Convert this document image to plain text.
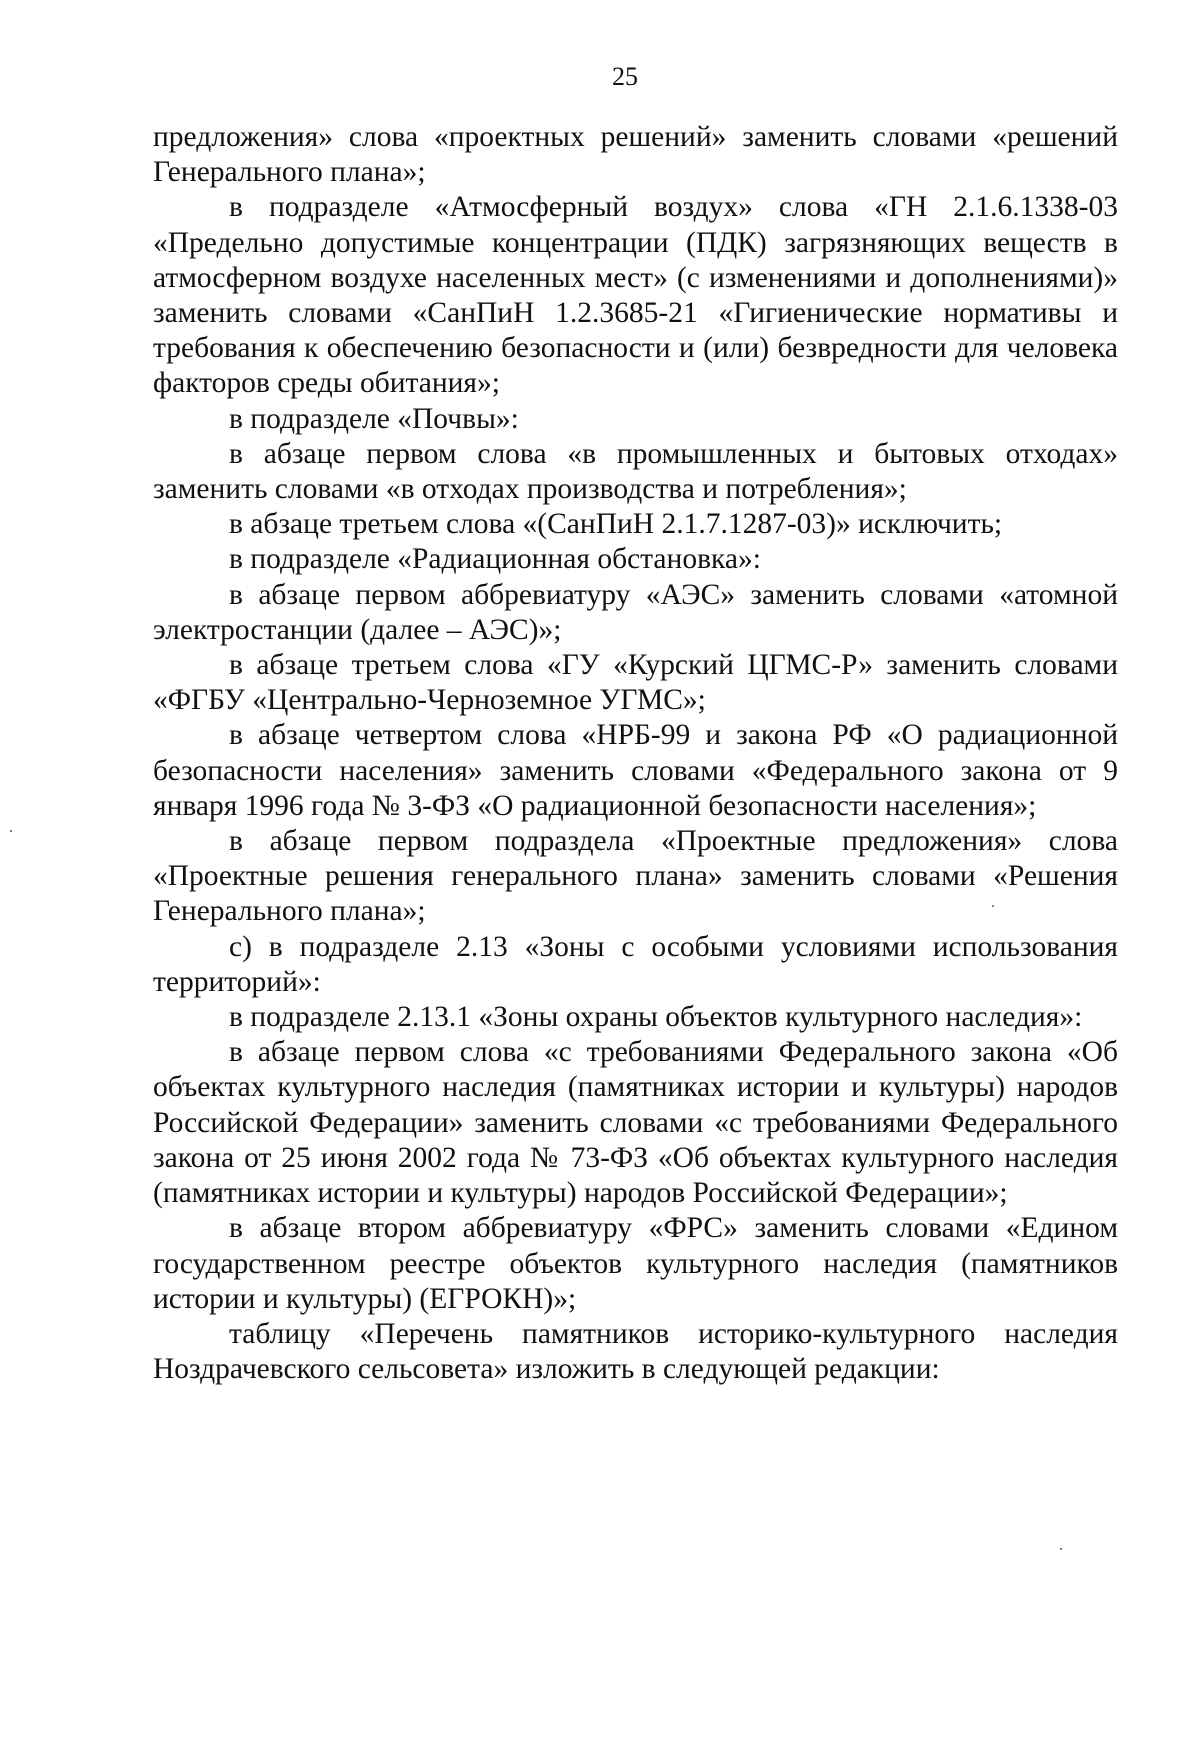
25

предложения» слова «проектных решений» заменить словами «решений Генерального плана»;

в подразделе «Атмосферный воздух» слова «ГН 2.1.6.1338-03 «Предельно допустимые концентрации (ПДК) загрязняющих веществ в атмосферном воздухе населенных мест» (с изменениями и дополнениями)» заменить словами «СанПиН 1.2.3685-21 «Гигиенические нормативы и требования к обеспечению безопасности и (или) безвредности для человека факторов среды обитания»;

в подразделе «Почвы»:

в абзаце первом слова «в промышленных и бытовых отходах» заменить словами «в отходах производства и потребления»;

в абзаце третьем слова «(СанПиН 2.1.7.1287-03)» исключить;

в подразделе «Радиационная обстановка»:

в абзаце первом аббревиатуру «АЭС» заменить словами «атомной электростанции (далее – АЭС)»;

в абзаце третьем слова «ГУ «Курский ЦГМС-Р» заменить словами «ФГБУ «Центрально-Черноземное УГМС»;

в абзаце четвертом слова «НРБ-99 и закона РФ «О радиационной безопасности населения» заменить словами «Федерального закона от 9 января 1996 года № 3-ФЗ «О радиационной безопасности населения»;

в абзаце первом подраздела «Проектные предложения» слова «Проектные решения генерального плана» заменить словами «Решения Генерального плана»;

с) в подразделе 2.13 «Зоны с особыми условиями использования территорий»:

в подразделе 2.13.1 «Зоны охраны объектов культурного наследия»:

в абзаце первом слова «с требованиями Федерального закона «Об объектах культурного наследия (памятниках истории и культуры) народов Российской Федерации» заменить словами «с требованиями Федерального закона от 25 июня 2002 года № 73-ФЗ «Об объектах культурного наследия (памятниках истории и культуры) народов Российской Федерации»;

в абзаце втором аббревиатуру «ФРС» заменить словами «Едином государственном реестре объектов культурного наследия (памятников истории и культуры) (ЕГРОКН)»;

таблицу «Перечень памятников историко-культурного наследия Ноздрачевского сельсовета» изложить в следующей редакции:
